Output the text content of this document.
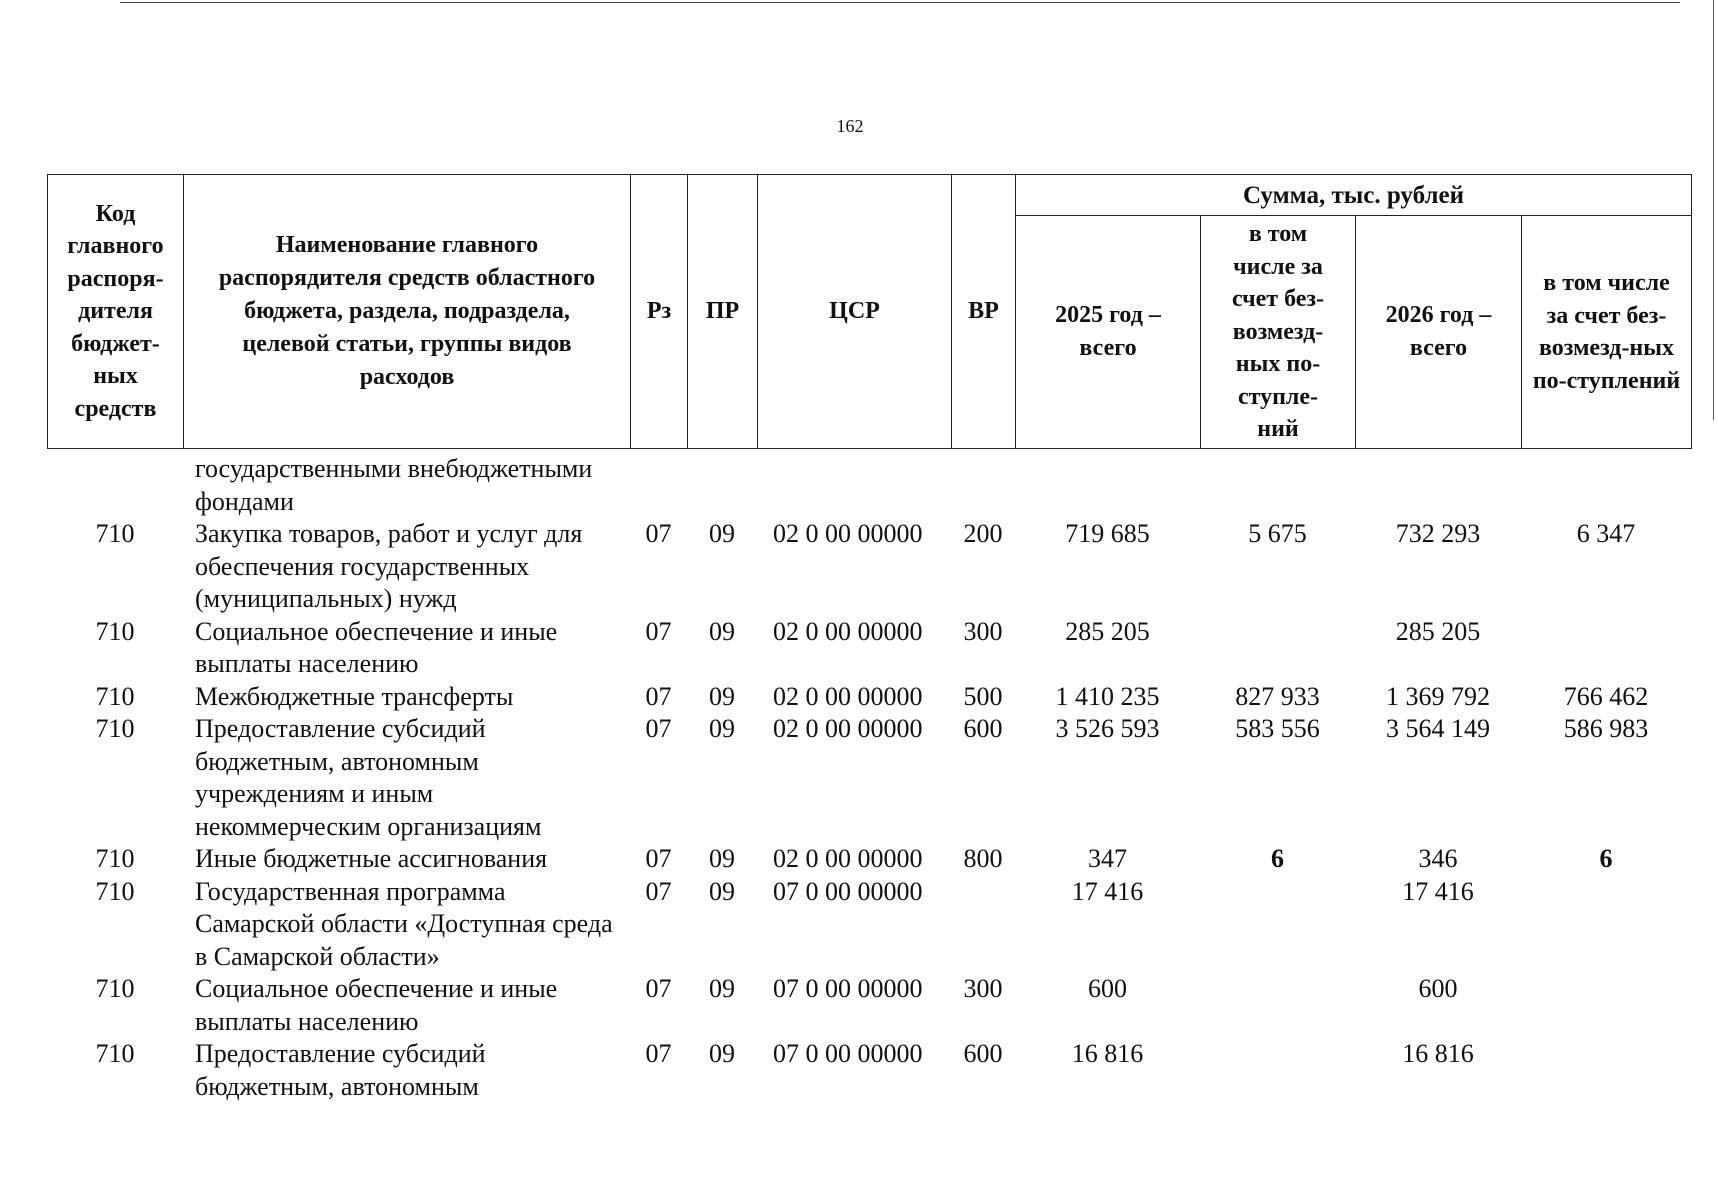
162
Код главного распоря-дителя бюджет-ных средств	Наименование главного распорядителя средств областного бюджета, раздела, подраздела, целевой статьи, группы видов расходов	Рз	ПР	ЦСР	ВР	Сумма, тыс. рублей			

						2025 год – всего	в том числе за счет без-возмезд-ных по-ступле-ний	2026 год – всего	в том числе за счет без-возмезд-ных по-ступлений

	государственными внебюджетными фондами								

710	Закупка товаров, работ и услуг для обеспечения государственных (муниципальных) нужд	07	09	02 0 00 00000	200	719 685	5 675	732 293	6 347
710	Социальное обеспечение и иные выплаты населению	07	09	02 0 00 00000	300	285 205		285 205	
710	Межбюджетные трансферты	07	09	02 0 00 00000	500	1 410 235	827 933	1 369 792	766 462
710	Предоставление субсидий бюджетным, автономным учреждениям и иным некоммерческим организациям	07	09	02 0 00 00000	600	3 526 593	583 556	3 564 149	586 983
710	Иные бюджетные ассигнования	07	09	02 0 00 00000	800	347	6	346	6
710	Государственная программа Самарской области «Доступная среда в Самарской области»	07	09	07 0 00 00000		17 416		17 416	
710	Социальное обеспечение и иные выплаты населению	07	09	07 0 00 00000	300	600		600	
710	Предоставление субсидий бюджетным, автономным	07	09	07 0 00 00000	600	16 816		16 816	
